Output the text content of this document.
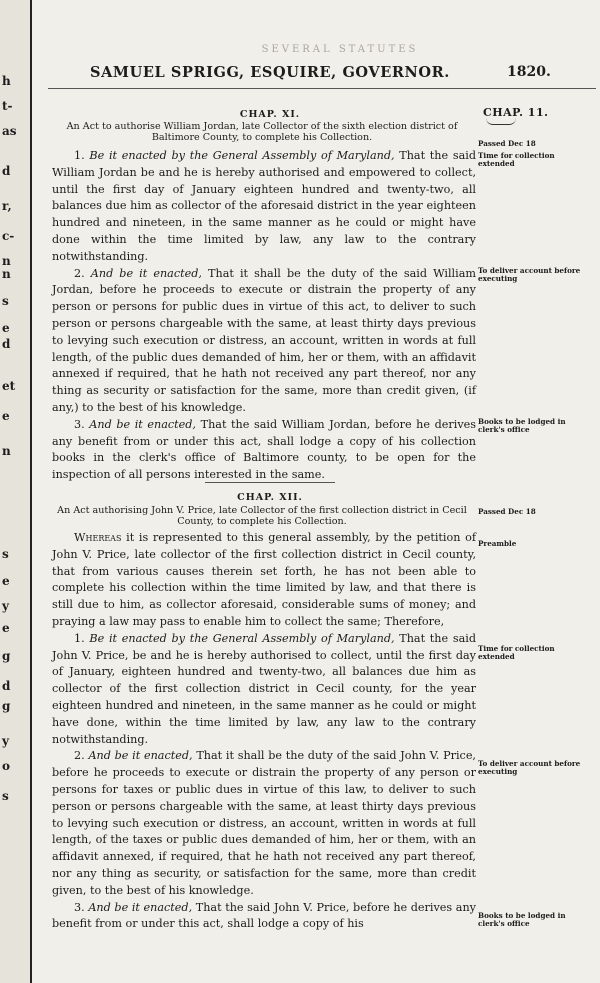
h
t-
as
d
r,
c-
n
n
s
e
d
et
e
n
s
e
y
e
g
d
g
y
o
s
SEVERAL STATUTES
SAMUEL SPRIGG, ESQUIRE, GOVERNOR.	1820.
CHAP. XI.	CHAP. 11.
An Act to authorise William Jordan, late Collector of the sixth election district of Baltimore County, to complete his Collection.
Passed Dec 18

1. Be it enacted by the General Assembly of Maryland, That the said William Jordan be and he is hereby authorised and empowered to collect, until the first day of January eighteen hundred and twenty-two, all balances due him as collector of the aforesaid district in the year eighteen hundred and nineteen, in the same manner as he could or might have done within the time limited by law, any law to the contrary notwithstanding.

2. And be it enacted, That it shall be the duty of the said William Jordan, before he proceeds to execute or distrain the property of any person or persons for public dues in virtue of this act, to deliver to such person or persons chargeable with the same, at least thirty days previous to levying such execution or distress, an account, written in words at full length, of the public dues demanded of him, her or them, with an affidavit annexed if required, that he hath not received any part thereof, nor any thing as security or satisfaction for the same, more than credit given, (if any,) to the best of his knowledge.

3. And be it enacted, That the said William Jordan, before he derives any benefit from or under this act, shall lodge a copy of his collection books in the clerk's office of Baltimore county, to be open for the inspection of all persons interested in the same.

Time for collection extended
To deliver account before executing
Books to be lodged in clerk's office
CHAP. XII.
An Act authorising John V. Price, late Collector of the first collection district in Cecil County, to complete his Collection.
Passed Dec 18

Whereas it is represented to this general assembly, by the petition of John V. Price, late collector of the first collection district in Cecil county, that from various causes therein set forth, he has not been able to complete his collection within the time limited by law, and that there is still due to him, as collector aforesaid, considerable sums of money; and praying a law may pass to enable him to collect the same; Therefore,

1. Be it enacted by the General Assembly of Maryland, That the said John V. Price, be and he is hereby authorised to collect, until the first day of January, eighteen hundred and twenty-two, all balances due him as collector of the first collection district in Cecil county, for the year eighteen hundred and nineteen, in the same manner as he could or might have done, within the time limited by law, any law to the contrary notwithstanding.

2. And be it enacted, That it shall be the duty of the said John V. Price, before he proceeds to execute or distrain the property of any person or persons for taxes or public dues in virtue of this law, to deliver to such person or persons chargeable with the same, at least thirty days previous to levying such execution or distress, an account, written in words at full length, of the taxes or public dues demanded of him, her or them, with an affidavit annexed, if required, that he hath not received any part thereof, nor any thing as security, or satisfaction for the same, more than credit given, to the best of his knowledge.

3. And be it enacted, That the said John V. Price, before he derives any benefit from or under this act, shall lodge a copy of his

Preamble
Time for collection extended
To deliver account before executing
Books to be lodged in clerk's office
